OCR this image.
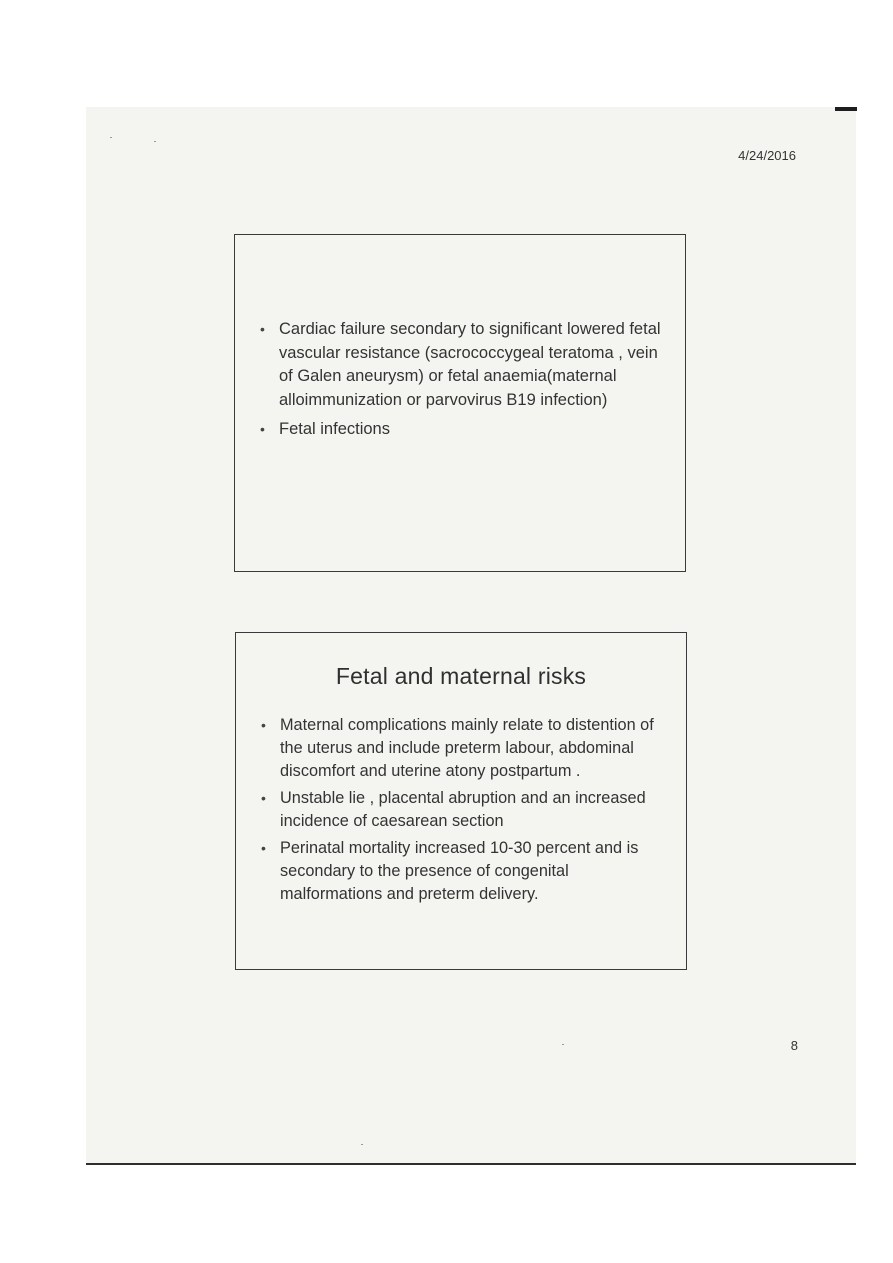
4/24/2016
• Cardiac failure secondary to significant lowered fetal vascular resistance (sacrococcygeal teratoma , vein of Galen aneurysm) or fetal anaemia(maternal alloimmunization or parvovirus B19 infection)
• Fetal infections
Fetal and maternal risks
• Maternal complications mainly relate to distention of the uterus and include preterm labour, abdominal discomfort and uterine atony postpartum .
• Unstable lie , placental abruption and an increased incidence of caesarean section
• Perinatal mortality increased 10-30 percent and is secondary to the presence of congenital malformations and preterm delivery.
8
